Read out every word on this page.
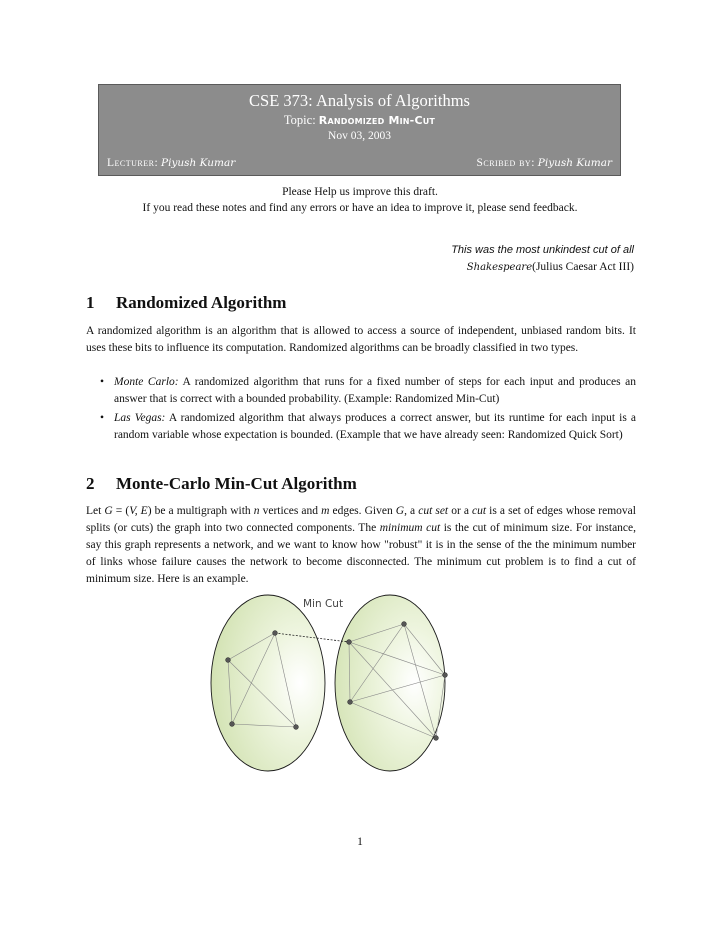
CSE 373: Analysis of Algorithms
Topic: Randomized Min-Cut
Nov 03, 2003
Lecturer: Piyush Kumar	Scribed by: Piyush Kumar
Please Help us improve this draft.
If you read these notes and find any errors or have an idea to improve it, please send feedback.
This was the most unkindest cut of all
Shakespeare(Julius Caesar Act III)
1 Randomized Algorithm
A randomized algorithm is an algorithm that is allowed to access a source of independent, unbiased random bits. It uses these bits to influence its computation. Randomized algorithms can be broadly classified in two types.
• Monte Carlo: A randomized algorithm that runs for a fixed number of steps for each input and produces an answer that is correct with a bounded probability. (Example: Randomized Min-Cut)
• Las Vegas: A randomized algorithm that always produces a correct answer, but its runtime for each input is a random variable whose expectation is bounded. (Example that we have already seen: Randomized Quick Sort)
2 Monte-Carlo Min-Cut Algorithm
Let G = (V, E) be a multigraph with n vertices and m edges. Given G, a cut set or a cut is a set of edges whose removal splits (or cuts) the graph into two connected components. The minimum cut is the cut of minimum size. For instance, say this graph represents a network, and we want to know how "robust" it is in the sense of the the minimum number of links whose failure causes the network to become disconnected. The minimum cut problem is to find a cut of minimum size. Here is an example.
Min Cut
1
